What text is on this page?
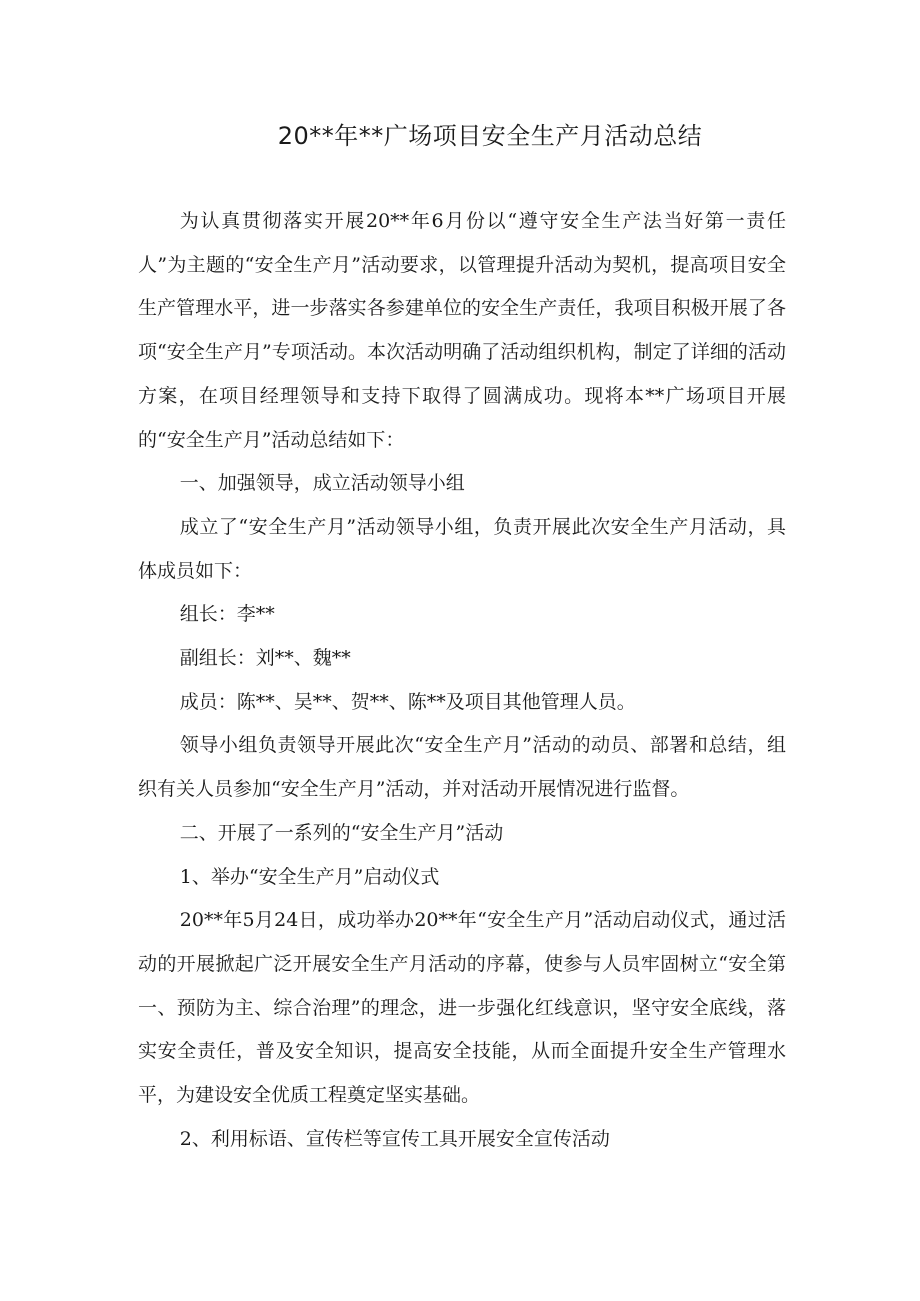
20**年**广场项目安全生产月活动总结

为认真贯彻落实开展20**年6月份以“遵守安全生产法当好第一责任人”为主题的“安全生产月”活动要求，以管理提升活动为契机，提高项目安全生产管理水平，进一步落实各参建单位的安全生产责任，我项目积极开展了各项“安全生产月”专项活动。本次活动明确了活动组织机构，制定了详细的活动方案，在项目经理领导和支持下取得了圆满成功。现将本**广场项目开展的“安全生产月”活动总结如下：

一、加强领导，成立活动领导小组

成立了“安全生产月”活动领导小组，负责开展此次安全生产月活动，具体成员如下：

组长：李**

副组长：刘**、魏**

成员：陈**、吴**、贺**、陈**及项目其他管理人员。

领导小组负责领导开展此次“安全生产月”活动的动员、部署和总结，组织有关人员参加“安全生产月”活动，并对活动开展情况进行监督。

二、开展了一系列的“安全生产月”活动

1、举办“安全生产月”启动仪式

20**年5月24日，成功举办20**年“安全生产月”活动启动仪式，通过活动的开展掀起广泛开展安全生产月活动的序幕，使参与人员牢固树立“安全第一、预防为主、综合治理”的理念，进一步强化红线意识，坚守安全底线，落实安全责任，普及安全知识，提高安全技能，从而全面提升安全生产管理水平，为建设安全优质工程奠定坚实基础。

2、利用标语、宣传栏等宣传工具开展安全宣传活动
